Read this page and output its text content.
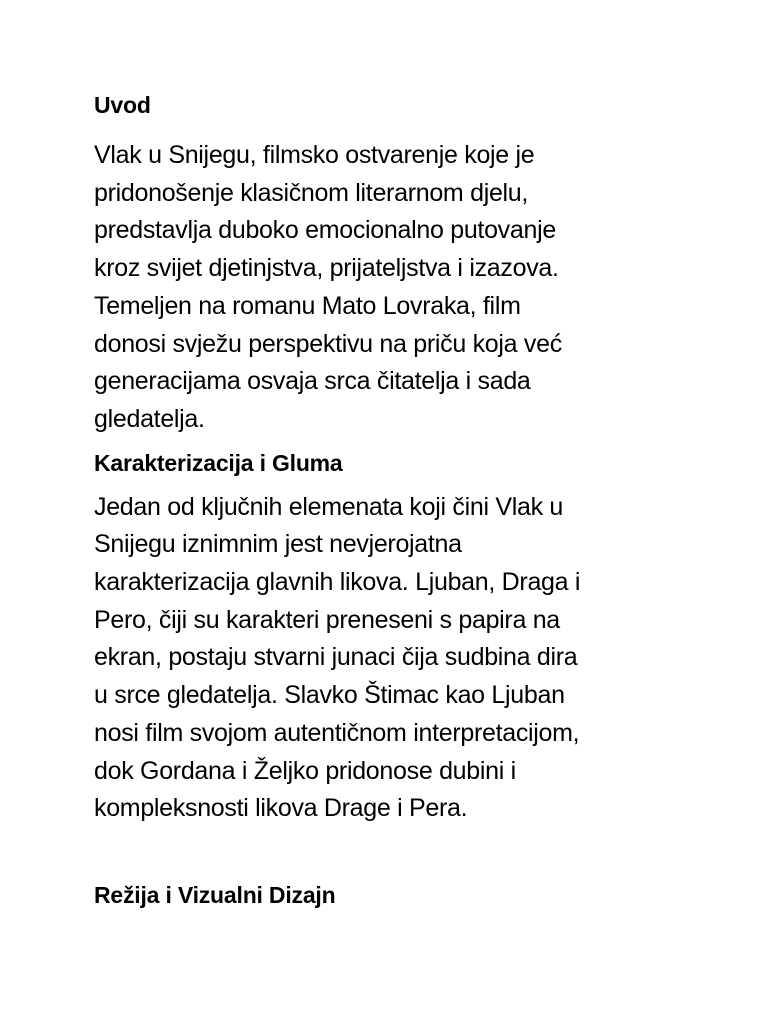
Uvod

Vlak u Snijegu, filmsko ostvarenje koje je
pridonošenje klasičnom literarnom djelu,
predstavlja duboko emocionalno putovanje
kroz svijet djetinjstva, prijateljstva i izazova.
Temeljen na romanu Mato Lovraka, film
donosi svježu perspektivu na priču koja već
generacijama osvaja srca čitatelja i sada
gledatelja.

Karakterizacija i Gluma

Jedan od ključnih elemenata koji čini Vlak u
Snijegu iznimnim jest nevjerojatna
karakterizacija glavnih likova. Ljuban, Draga i
Pero, čiji su karakteri preneseni s papira na
ekran, postaju stvarni junaci čija sudbina dira
u srce gledatelja. Slavko Štimac kao Ljuban
nosi film svojom autentičnom interpretacijom,
dok Gordana i Željko pridonose dubini i
kompleksnosti likova Drage i Pera.

Režija i Vizualni Dizajn
